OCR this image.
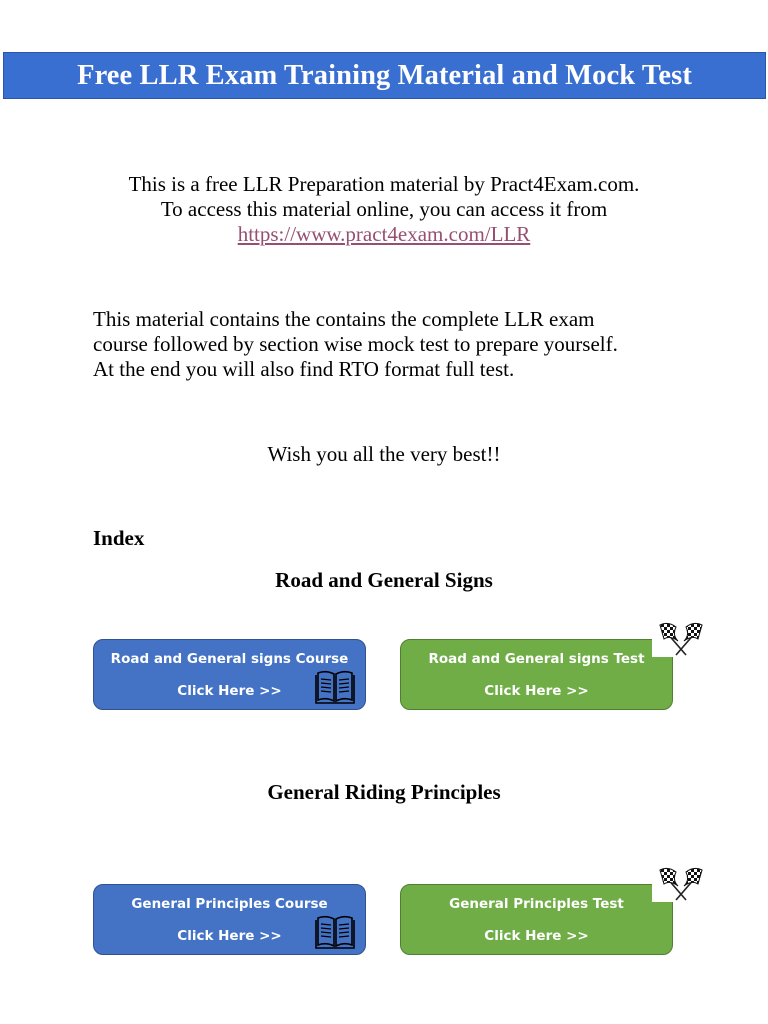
Free LLR Exam Training Material and Mock Test
This is a free LLR Preparation material by Pract4Exam.com.
To access this material online, you can access it from
https://www.pract4exam.com/LLR
This material contains the contains the complete LLR exam
course followed by section wise mock test to prepare yourself.
At the end you will also find RTO format full test.
Wish you all the very best!!
Index
Road and General Signs
Road and General signs Course
Click Here >>
Road and General signs Test
Click Here >>
General Riding Principles
General Principles Course
Click Here >>
General Principles Test
Click Here >>
